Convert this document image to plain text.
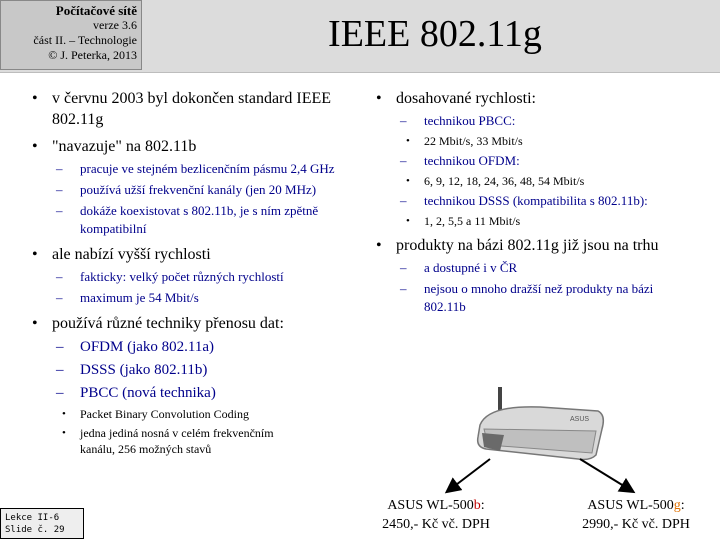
Počítačové sítě
verze 3.6
část II. – Technologie
© J. Peterka, 2013	IEEE 802.11g
• v červnu 2003 byl dokončen standard IEEE 802.11g
• "navazuje" na 802.11b
– pracuje ve stejném bezlicenčním pásmu 2,4 GHz
– používá užší frekvenční kanály (jen 20 MHz)
– dokáže koexistovat s 802.11b, je s ním zpětně kompatibilní
• ale nabízí vyšší rychlosti
– fakticky: velký počet různých rychlostí
– maximum je 54 Mbit/s
• používá různé techniky přenosu dat:
– OFDM (jako 802.11a)
– DSSS (jako 802.11b)
– PBCC (nová technika)
• Packet Binary Convolution Coding
• jedna jediná nosná v celém frekvenčním kanálu, 256 možných stavů
• dosahované rychlosti:
– technikou PBCC:
• 22 Mbit/s, 33 Mbit/s
– technikou OFDM:
• 6, 9, 12, 18, 24, 36, 48, 54 Mbit/s
– technikou DSSS (kompatibilita s 802.11b):
• 1, 2, 5,5 a 11 Mbit/s
• produkty na bázi 802.11g již jsou na trhu
– a dostupné i v ČR
– nejsou o mnoho dražší než produkty na bázi 802.11b
ASUS
ASUS WL-500b:
2450,- Kč vč. DPH
ASUS WL-500g:
2990,- Kč vč. DPH
Lekce II-6
Slide č. 29
